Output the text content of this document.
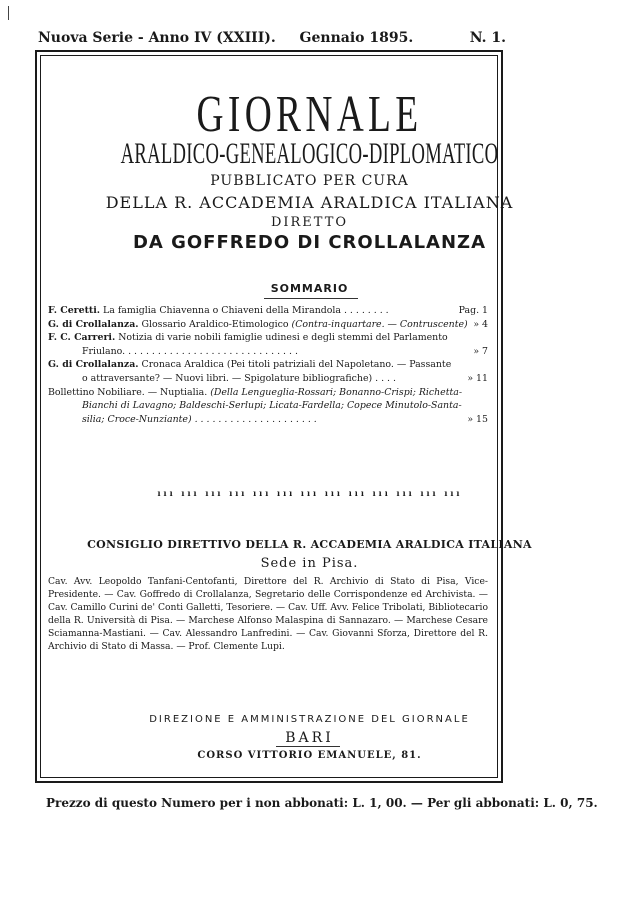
Nuova Serie - Anno IV (XXIII). Gennaio 1895.	N. 1.
GIORNALE
ARALDICO-GENEALOGICO-DIPLOMATICO
PUBBLICATO PER CURA
DELLA R. ACCADEMIA ARALDICA ITALIANA
DIRETTO
DA GOFFREDO DI CROLLALANZA
SOMMARIO
F. Ceretti. La famiglia Chiavenna o Chiaveni della Mirandola . . . . . . . .	Pag. 1
G. di Crollalanza. Glossario Araldico-Etimologico (Contra-inquartare. — Contruscente) » 4
F. C. Carreri. Notizia di varie nobili famiglie udinesi e degli stemmi del Parlamento
Friulano. . . . . . . . . . . . . . . . . . . . . . . . . . . . . .	» 7
G. di Crollalanza. Cronaca Araldica (Pei titoli patriziali del Napoletano. — Passante
o attraversante? — Nuovi libri. — Spigolature bibliografiche) . . . .	» 11
Bollettino Nobiliare. — Nuptialia. (Della Lengueglia-Rossari; Bonanno-Crispi; Richetta-
Bianchi di Lavagno; Baldeschi-Serlupi; Licata-Fardella; Copece Minutolo-Santa-
silia; Croce-Nunziante) . . . . . . . . . . . . . . . . . . . . .	» 15
ııı ııı ııı ııı ııı ııı ııı ııı ııı ııı ııı ııı ııı
CONSIGLIO DIRETTIVO DELLA R. ACCADEMIA ARALDICA ITALIANA
Sede in Pisa.
Cav. Avv. Leopoldo Tanfani-Centofanti, Direttore del R. Archivio di Stato di Pisa, Vice-Presidente. — Cav. Goffredo di Crollalanza, Segretario delle Corrispondenze ed Archivista. — Cav. Camillo Curini de' Conti Galletti, Tesoriere. — Cav. Uff. Avv. Felice Tribolati, Bibliotecario della R. Università di Pisa. — Marchese Alfonso Malaspina di Sannazaro. — Marchese Cesare Sciamanna-Mastiani. — Cav. Alessandro Lanfredini. — Cav. Giovanni Sforza, Direttore del R. Archivio di Stato di Massa. — Prof. Clemente Lupi.
DIREZIONE E AMMINISTRAZIONE DEL GIORNALE
BARI
CORSO VITTORIO EMANUELE, 81.
Prezzo di questo Numero per i non abbonati: L. 1, 00. — Per gli abbonati: L. 0, 75.
